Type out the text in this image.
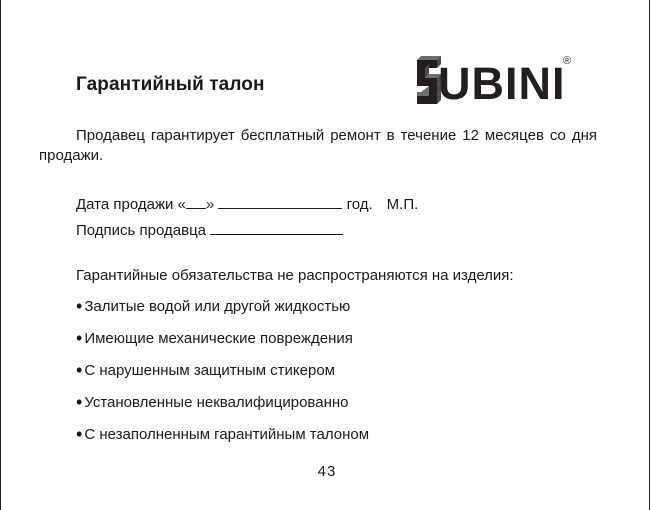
Гарантийный талон	UBINI
®
Продавец гарантирует бесплатный ремонт в течение 12 месяцев со дня продажи.
Дата продажи « »	год. М.П.
Подпись продавца
Гарантийные обязательства не распространяются на изделия:
• Залитые водой или другой жидкостью
• Имеющие механические повреждения
• С нарушенным защитным стикером
• Установленные неквалифицированно
• С незаполненным гарантийным талоном
43
